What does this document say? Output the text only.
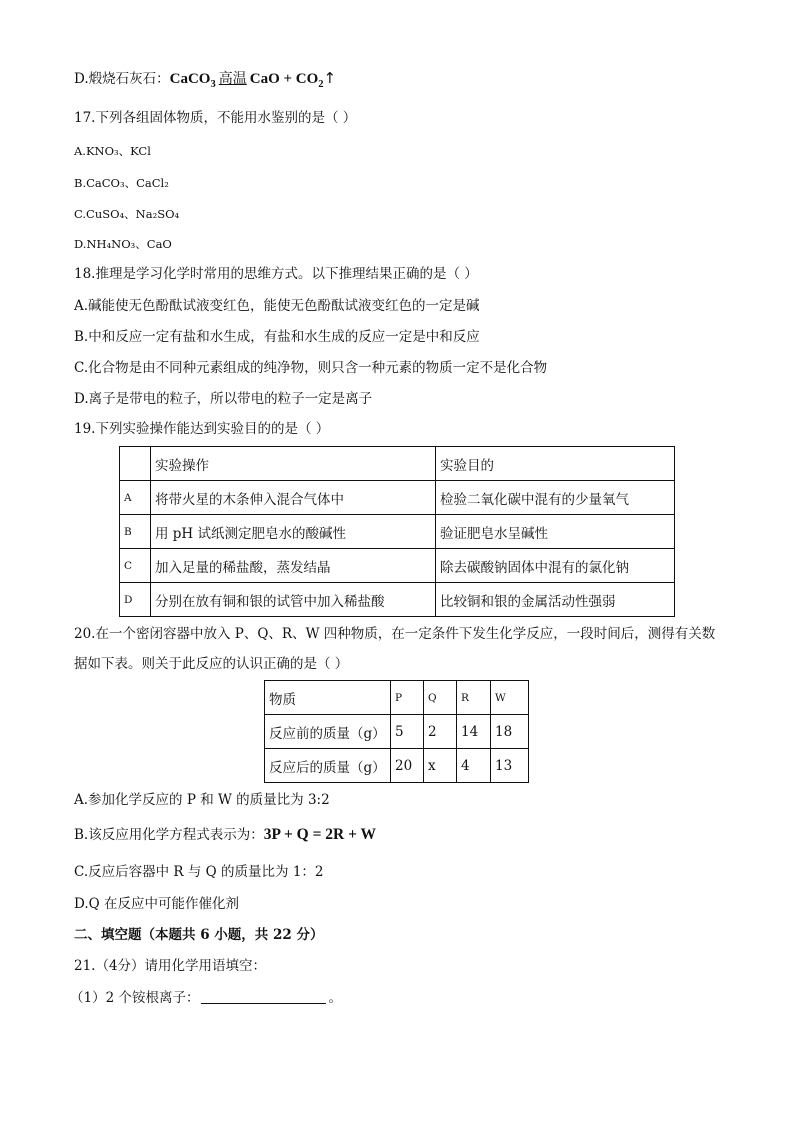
D.煅烧石灰石：CaCO$_3$ 高温 CaO + $CO_2↑$
17.下列各组固体物质，不能用水鉴别的是（ ）
A.KNO₃、KCl
B.CaCO₃、CaCl₂
C.CuSO₄、Na₂SO₄
D.NH₄NO₃、CaO
18.推理是学习化学时常用的思维方式。以下推理结果正确的是（ ）
A.碱能使无色酚酞试液变红色，能使无色酚酞试液变红色的一定是碱
B.中和反应一定有盐和水生成，有盐和水生成的反应一定是中和反应
C.化合物是由不同种元素组成的纯净物，则只含一种元素的物质一定不是化合物
D.离子是带电的粒子，所以带电的粒子一定是离子
19.下列实验操作能达到实验目的的是（ ）
	实验操作	实验目的
A	将带火星的木条伸入混合气体中	检验二氧化碳中混有的少量氧气
B	用 pH 试纸测定肥皂水的酸碱性	验证肥皂水呈碱性
C	加入足量的稀盐酸，蒸发结晶	除去碳酸钠固体中混有的氯化钠
D	分别在放有铜和银的试管中加入稀盐酸	比较铜和银的金属活动性强弱
20.在一个密闭容器中放入 P、Q、R、W 四种物质，在一定条件下发生化学反应，一段时间后，测得有关数
据如下表。则关于此反应的认识正确的是（ ）
物质	P	Q	R	W
反应前的质量（g）	5	2	14	18
反应后的质量（g）	20	x	4	13
A.参加化学反应的 P 和 W 的质量比为 3:2
B.该反应用化学方程式表示为：3P + Q = 2R + W
C.反应后容器中 R 与 Q 的质量比为 1：2
D.Q 在反应中可能作催化剂
二、填空题（本题共 6 小题，共 22 分）
21.（4分）请用化学用语填空：
（1）2 个铵根离子：	。
